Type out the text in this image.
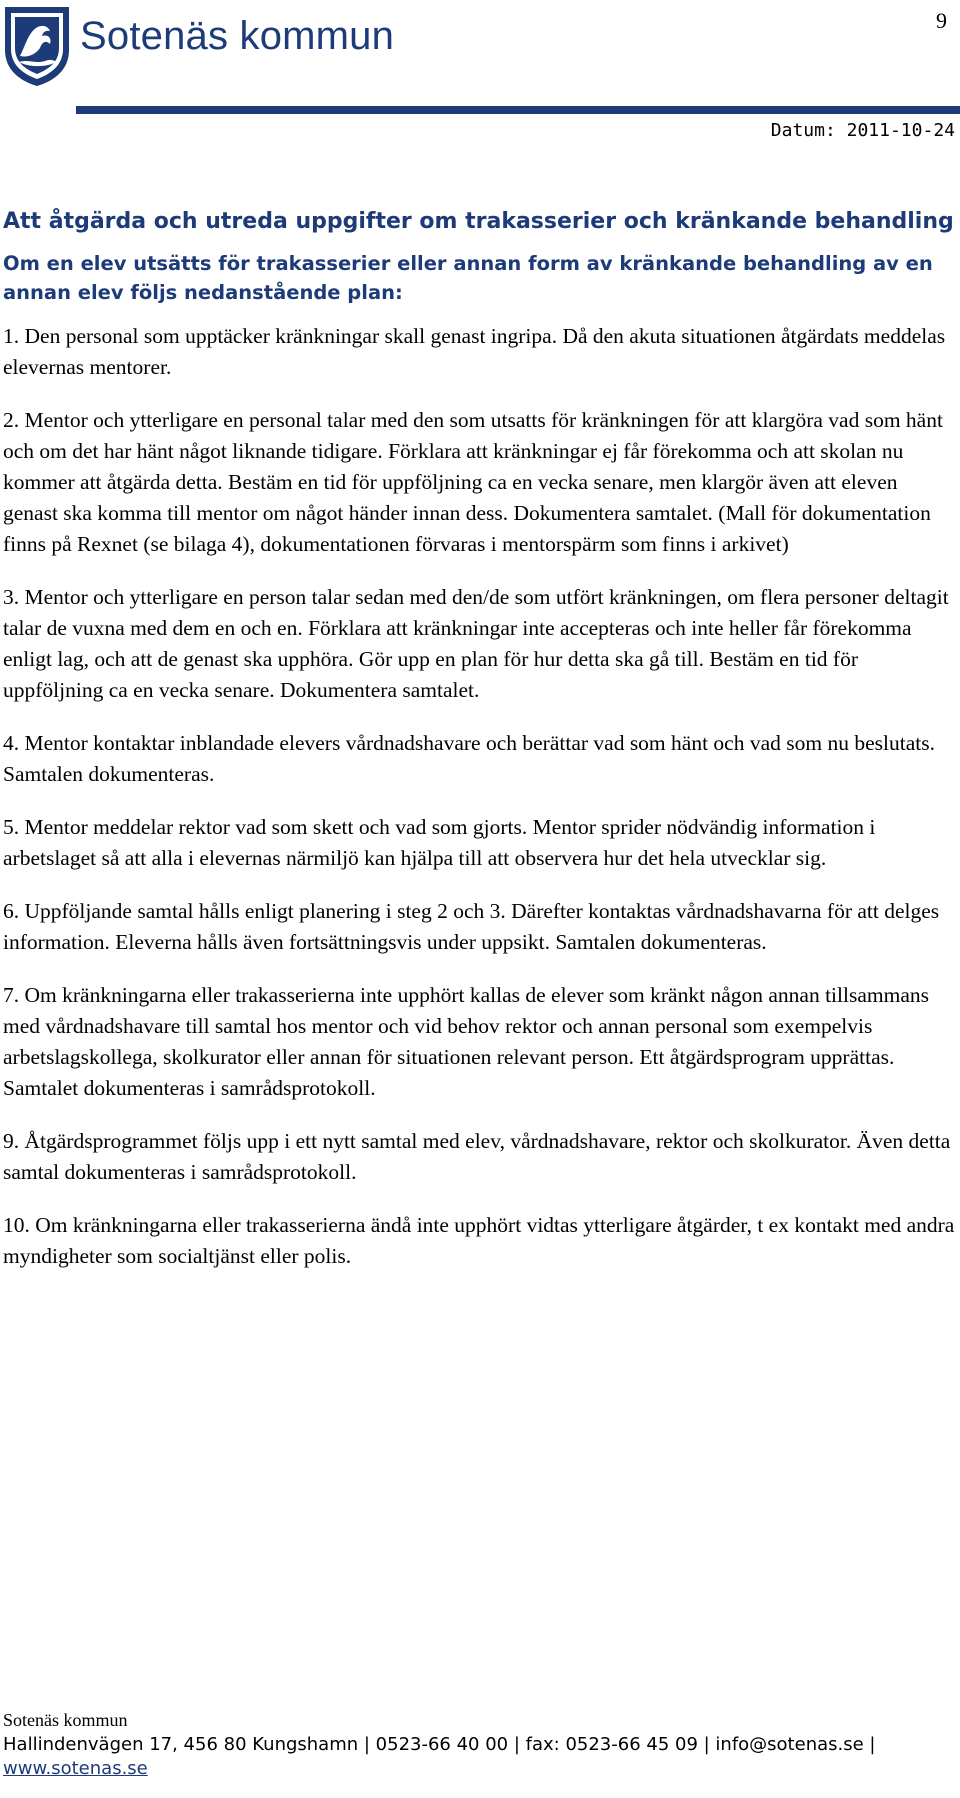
9
Sotenäs kommun
Datum: 2011-10-24
Att åtgärda och utreda uppgifter om trakasserier och kränkande behandling
Om en elev utsätts för trakasserier eller annan form av kränkande behandling av en annan elev följs nedanstående plan:

1. Den personal som upptäcker kränkningar skall genast ingripa. Då den akuta situationen åtgärdats meddelas elevernas mentorer.

2. Mentor och ytterligare en personal talar med den som utsatts för kränkningen för att klargöra vad som hänt och om det har hänt något liknande tidigare. Förklara att kränkningar ej får förekomma och att skolan nu kommer att åtgärda detta. Bestäm en tid för uppföljning ca en vecka senare, men klargör även att eleven genast ska komma till mentor om något händer innan dess. Dokumentera samtalet. (Mall för dokumentation finns på Rexnet (se bilaga 4), dokumentationen förvaras i mentorspärm som finns i arkivet)

3. Mentor och ytterligare en person talar sedan med den/de som utfört kränkningen, om flera personer deltagit talar de vuxna med dem en och en. Förklara att kränkningar inte accepteras och inte heller får förekomma enligt lag, och att de genast ska upphöra. Gör upp en plan för hur detta ska gå till. Bestäm en tid för uppföljning ca en vecka senare. Dokumentera samtalet.

4. Mentor kontaktar inblandade elevers vårdnadshavare och berättar vad som hänt och vad som nu beslutats. Samtalen dokumenteras.

5. Mentor meddelar rektor vad som skett och vad som gjorts. Mentor sprider nödvändig information i arbetslaget så att alla i elevernas närmiljö kan hjälpa till att observera hur det hela utvecklar sig.

6. Uppföljande samtal hålls enligt planering i steg 2 och 3. Därefter kontaktas vårdnadshavarna för att delges information. Eleverna hålls även fortsättningsvis under uppsikt. Samtalen dokumenteras.

7. Om kränkningarna eller trakasserierna inte upphört kallas de elever som kränkt någon annan tillsammans med vårdnadshavare till samtal hos mentor och vid behov rektor och annan personal som exempelvis arbetslagskollega, skolkurator eller annan för situationen relevant person. Ett åtgärdsprogram upprättas. Samtalet dokumenteras i samrådsprotokoll.

9. Åtgärdsprogrammet följs upp i ett nytt samtal med elev, vårdnadshavare, rektor och skolkurator. Även detta samtal dokumenteras i samrådsprotokoll.

10. Om kränkningarna eller trakasserierna ändå inte upphört vidtas ytterligare åtgärder, t ex kontakt med andra myndigheter som socialtjänst eller polis.

Sotenäs kommun
Hallindenvägen 17, 456 80 Kungshamn | 0523-66 40 00 | fax: 0523-66 45 09 | info@sotenas.se |
www.sotenas.se
